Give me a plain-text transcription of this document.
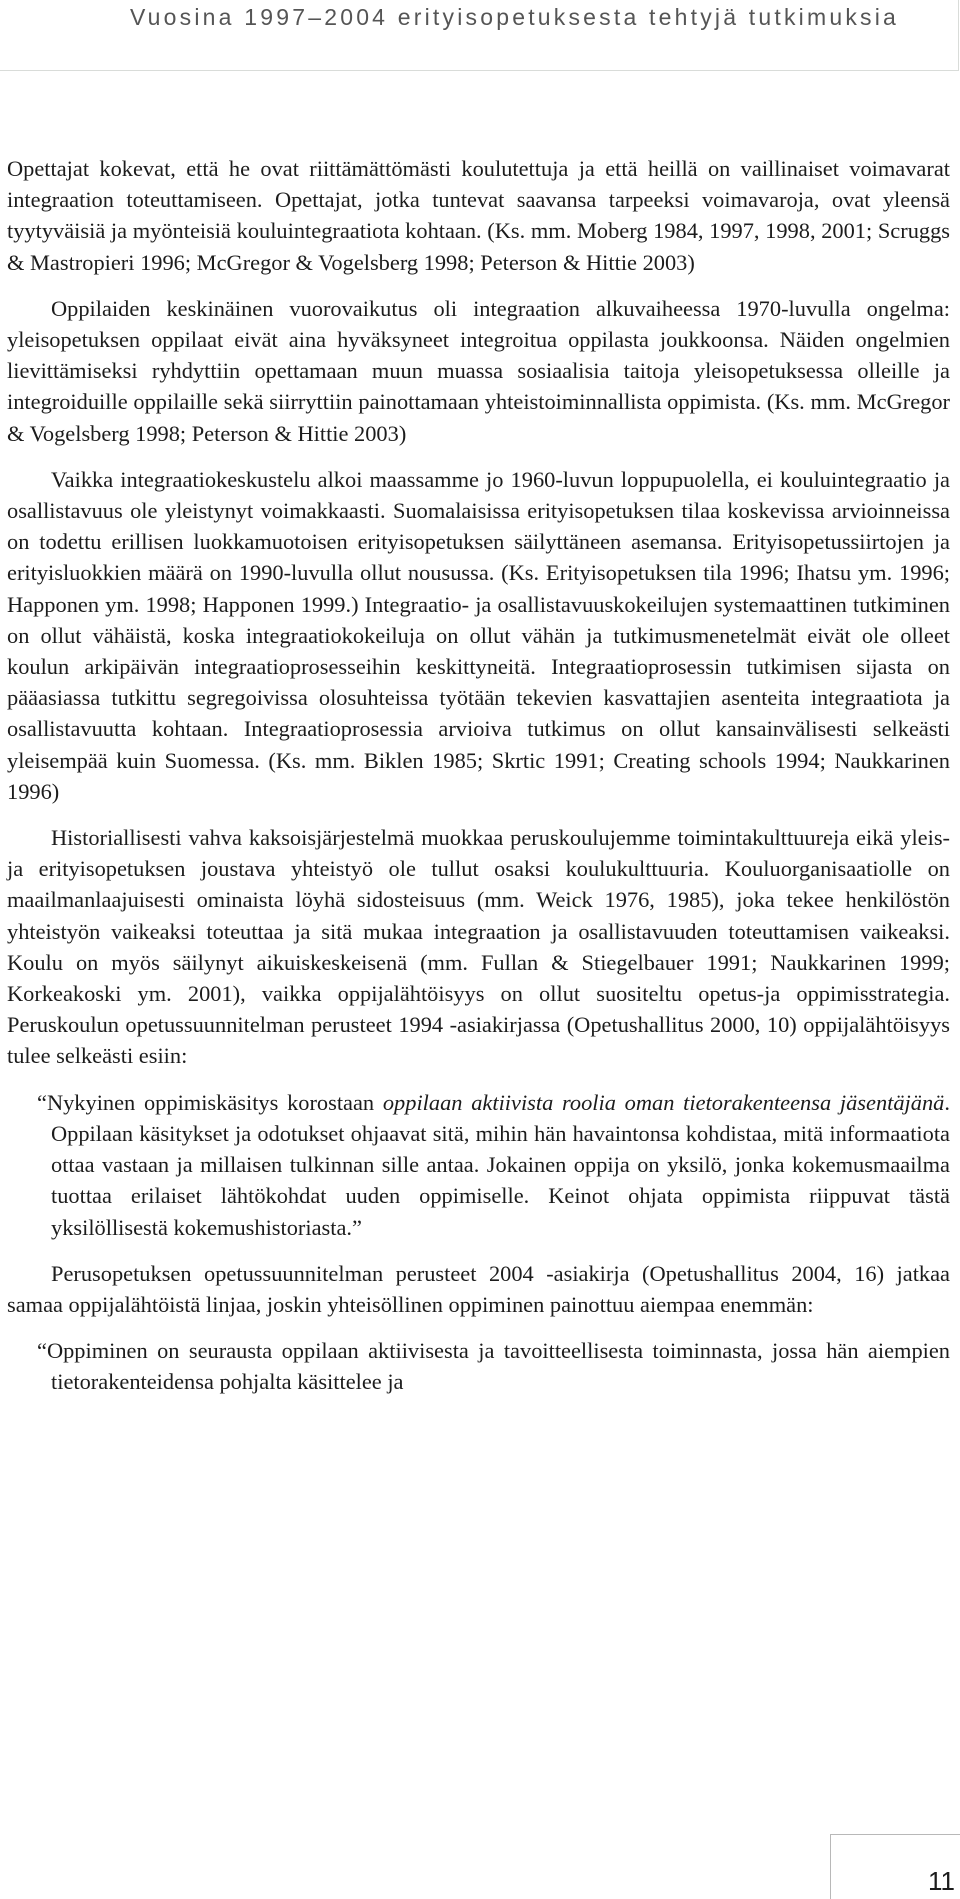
Vuosina 1997–2004 erityisopetuksesta tehtyjä tutkimuksia

Opettajat kokevat, että he ovat riittämättömästi koulutettuja ja että heillä on vaillinaiset voimavarat integraation toteuttamiseen. Opettajat, jotka tuntevat saavansa tarpeeksi voimavaroja, ovat yleensä tyytyväisiä ja myönteisiä kouluintegraatiota kohtaan. (Ks. mm. Moberg 1984, 1997, 1998, 2001; Scruggs & Mastropieri 1996; McGregor & Vogelsberg 1998; Peterson & Hittie 2003)

Oppilaiden keskinäinen vuorovaikutus oli integraation alkuvaiheessa 1970-luvulla ongelma: yleisopetuksen oppilaat eivät aina hyväksyneet integroitua oppilasta joukkoonsa. Näiden ongelmien lievittämiseksi ryhdyttiin opettamaan muun muassa sosiaalisia taitoja yleisopetuksessa olleille ja integroiduille oppilaille sekä siirryttiin painottamaan yhteistoiminnallista oppimista. (Ks. mm. McGregor & Vogelsberg 1998; Peterson & Hittie 2003)

Vaikka integraatiokeskustelu alkoi maassamme jo 1960-luvun loppupuolella, ei kouluintegraatio ja osallistavuus ole yleistynyt voimakkaasti. Suomalaisissa erityisopetuksen tilaa koskevissa arvioinneissa on todettu erillisen luokkamuotoisen erityisopetuksen säilyttäneen asemansa. Erityisopetussiirtojen ja erityisluokkien määrä on 1990-luvulla ollut nousussa. (Ks. Erityisopetuksen tila 1996; Ihatsu ym. 1996; Happonen ym. 1998; Happonen 1999.) Integraatio- ja osallistavuuskokeilujen systemaattinen tutkiminen on ollut vähäistä, koska integraatiokokeiluja on ollut vähän ja tutkimusmenetelmät eivät ole olleet koulun arkipäivän integraatioprosesseihin keskittyneitä. Integraatioprosessin tutkimisen sijasta on pääasiassa tutkittu segregoivissa olosuhteissa työtään tekevien kasvattajien asenteita integraatiota ja osallistavuutta kohtaan. Integraatioprosessia arvioiva tutkimus on ollut kansainvälisesti selkeästi yleisempää kuin Suomessa. (Ks. mm. Biklen 1985; Skrtic 1991; Creating schools 1994; Naukkarinen 1996)

Historiallisesti vahva kaksoisjärjestelmä muokkaa peruskoulujemme toimintakulttuureja eikä yleis- ja erityisopetuksen joustava yhteistyö ole tullut osaksi koulukulttuuria. Kouluorganisaatiolle on maailmanlaajuisesti ominaista löyhä sidosteisuus (mm. Weick 1976, 1985), joka tekee henkilöstön yhteistyön vaikeaksi toteuttaa ja sitä mukaa integraation ja osallistavuuden toteuttamisen vaikeaksi. Koulu on myös säilynyt aikuiskeskeisenä (mm. Fullan & Stiegelbauer 1991; Naukkarinen 1999; Korkeakoski ym. 2001), vaikka oppijalähtöisyys on ollut suositeltu opetus-ja oppimisstrategia. Peruskoulun opetussuunnitelman perusteet 1994 -asiakirjassa (Opetushallitus 2000, 10) oppijalähtöisyys tulee selkeästi esiin:

“Nykyinen oppimiskäsitys korostaan oppilaan aktiivista roolia oman tietorakenteensa jäsentäjänä. Oppilaan käsitykset ja odotukset ohjaavat sitä, mihin hän havaintonsa kohdistaa, mitä informaatiota ottaa vastaan ja millaisen tulkinnan sille antaa. Jokainen oppija on yksilö, jonka kokemusmaailma tuottaa erilaiset lähtökohdat uuden oppimiselle. Keinot ohjata oppimista riippuvat tästä yksilöllisestä kokemushistoriasta.”

Perusopetuksen opetussuunnitelman perusteet 2004 -asiakirja (Opetushallitus 2004, 16) jatkaa samaa oppijalähtöistä linjaa, joskin yhteisöllinen oppiminen painottuu aiempaa enemmän:

“Oppiminen on seurausta oppilaan aktiivisesta ja tavoitteellisesta toiminnasta, jossa hän aiempien tietorakenteidensa pohjalta käsittelee ja

11
